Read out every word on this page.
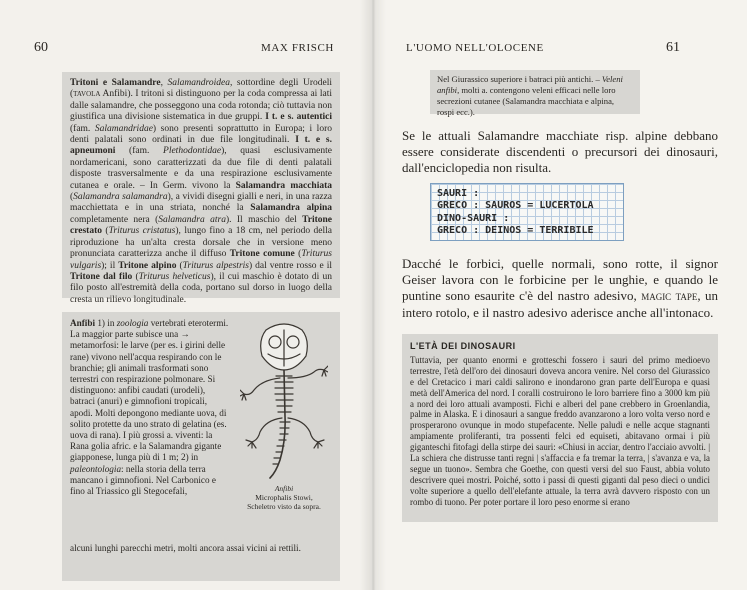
60	MAX FRISCH

Tritoni e Salamandre, Salamandroidea, sottordine degli Urodeli (tavola Anfibi). I tritoni si distinguono per la coda compressa ai lati dalle salamandre, che posseggono una coda rotonda; ciò tuttavia non giustifica una divisione sistematica in due gruppi. I t. e s. autentici (fam. Salamandridae) sono presenti soprattutto in Europa; i loro denti palatali sono ordinati in due file longitudinali. I t. e s. apneumoni (fam. Plethodontidae), quasi esclusivamente nordamericani, sono caratterizzati da due file di denti palatali disposte trasversalmente e da una respirazione esclusivamente cutanea e orale. – In Germ. vivono la Salamandra macchiata (Salamandra salamandra), a vividi disegni gialli e neri, in una razza macchiettata e in una striata, nonché la Salamandra alpina completamente nera (Salamandra atra). Il maschio del Tritone crestato (Triturus cristatus), lungo fino a 18 cm, nel periodo della riproduzione ha un'alta cresta dorsale che in versione meno pronunciata caratterizza anche il diffuso Tritone comune (Triturus vulgaris); il Tritone alpino (Triturus alpestris) dal ventre rosso e il Tritone dal filo (Triturus helveticus), il cui maschio è dotato di un filo posto all'estremità della coda, portano sul dorso in luogo della cresta un rilievo longitudinale.

Anfibi 1) in zoologia vertebrati eterotermi. La maggior parte subisce una → metamorfosi: le larve (per es. i girini delle rane) vivono nell'acqua respirando con le branchie; gli animali trasformati sono terrestri con respirazione polmonare. Si distinguono: anfibi caudati (urodeli), batraci (anuri) e gimnofioni tropicali, apodi. Molti depongono mediante uova, di solito protette da uno strato di gelatina (es. uova di rana). I più grossi a. viventi: la Rana golia afric. e la Salamandra gigante giapponese, lunga più di 1 m; 2) in paleontologia: nella storia della terra mancano i gimnofioni. Nel Carbonico e fino al Triassico gli Stegocefali,	Anfibi
Microphalis Stowi,
Scheletro visto da sopra.

alcuni lunghi parecchi metri, molti ancora assai vicini ai rettili.

L'UOMO NELL'OLOCENE	61

Nel Giurassico superiore i batraci più antichi. – Veleni anfibi, molti a. contengono veleni efficaci nelle loro secrezioni cutanee (Salamandra macchiata e alpina, rospi ecc.).

Se le attuali Salamandre macchiate risp. alpine debbano essere considerate discendenti o precursori dei dinosauri, dall'enciclopedia non risulta.

SAURI :
GRECO : SAUROS = LUCERTOLA
DINO-SAURI :
GRECO : DEINOS = TERRIBILE

Dacché le forbici, quelle normali, sono rotte, il signor Geiser lavora con le forbicine per le unghie, e quando le puntine sono esaurite c'è del nastro adesivo, magic tape, un intero rotolo, e il nastro adesivo aderisce anche all'intonaco.

L'ETÀ DEI DINOSAURI

Tuttavia, per quanto enormi e grotteschi fossero i sauri del primo medioevo terrestre, l'età dell'oro dei dinosauri doveva ancora venire. Nel corso del Giurassico e del Cretacico i mari caldi salirono e inondarono gran parte dell'Europa e quasi metà dell'America del nord. I coralli costruirono le loro barriere fino a 3000 km più a nord dei loro attuali avamposti. Fichi e alberi del pane crebbero in Groenlandia, palme in Alaska. E i dinosauri a sangue freddo avanzarono a loro volta verso nord e prosperarono ovunque in modo stupefacente. Nelle paludi e nelle acque stagnanti ampiamente proliferanti, tra possenti felci ed equiseti, abitavano ormai i più giganteschi fitofagi della stirpe dei sauri: «Chiusi in acciar, dentro l'acciaio avvolti. | La schiera che distrusse tanti regni | s'affaccia e fa tremar la terra, | s'avanza e va, la segue un tuono». Sembra che Goethe, con questi versi del suo Faust, abbia voluto descrivere quei mostri. Poiché, sotto i passi di questi giganti dal peso dieci o undici volte superiore a quello dell'elefante attuale, la terra avrà davvero risposto con un rombo di tuono. Per poter portare il loro peso enorme si erano
